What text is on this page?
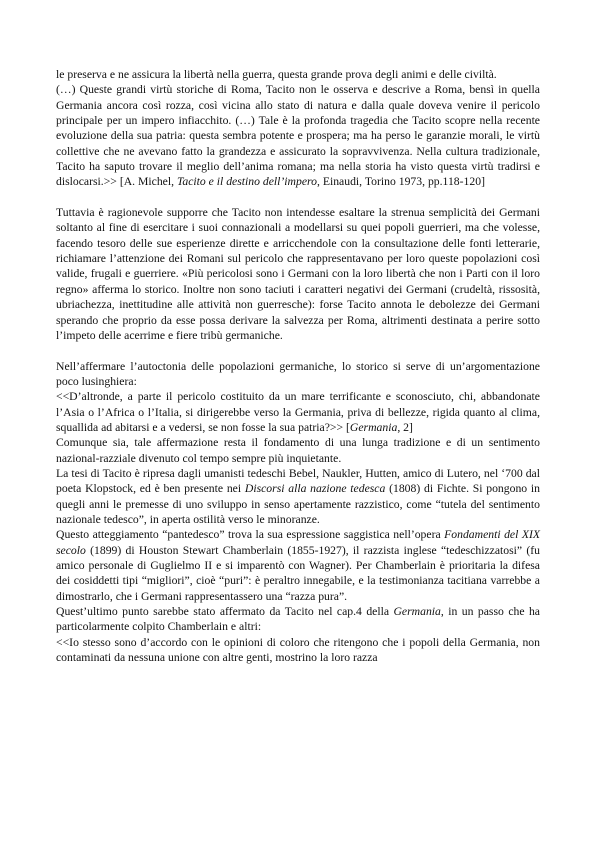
le preserva e ne assicura la libertà nella guerra, questa grande prova degli animi e delle civiltà.

(…) Queste grandi virtù storiche di Roma, Tacito non le osserva e descrive a Roma, bensì in quella Germania ancora così rozza, così vicina allo stato di natura e dalla quale doveva venire il pericolo principale per un impero infiacchito. (…) Tale è la profonda tragedia che Tacito scopre nella recente evoluzione della sua patria: questa sembra potente e prospera; ma ha perso le garanzie morali, le virtù collettive che ne avevano fatto la grandezza e assicurato la sopravvivenza. Nella cultura tradizionale, Tacito ha saputo trovare il meglio dell’anima romana; ma nella storia ha visto questa virtù tradirsi e dislocarsi.>> [A. Michel, Tacito e il destino dell’impero, Einaudi, Torino 1973, pp.118-120]

Tuttavia è ragionevole supporre che Tacito non intendesse esaltare la strenua semplicità dei Germani soltanto al fine di esercitare i suoi connazionali a modellarsi su quei popoli guerrieri, ma che volesse, facendo tesoro delle sue esperienze dirette e arricchendole con la consultazione delle fonti letterarie, richiamare l’attenzione dei Romani sul pericolo che rappresentavano per loro queste popolazioni così valide, frugali e guerriere. «Più pericolosi sono i Germani con la loro libertà che non i Parti con il loro regno» afferma lo storico. Inoltre non sono taciuti i caratteri negativi dei Germani (crudeltà, rissosità, ubriachezza, inettitudine alle attività non guerresche): forse Tacito annota le debolezze dei Germani sperando che proprio da esse possa derivare la salvezza per Roma, altrimenti destinata a perire sotto l’impeto delle acerrime e fiere tribù germaniche.

Nell’affermare l’autoctonia delle popolazioni germaniche, lo storico si serve di un’argomentazione poco lusinghiera:

<<D’altronde, a parte il pericolo costituito da un mare terrificante e sconosciuto, chi, abbandonate l’Asia o l’Africa o l’Italia, si dirigerebbe verso la Germania, priva di bellezze, rigida quanto al clima, squallida ad abitarsi e a vedersi, se non fosse la sua patria?>> [Germania, 2]

Comunque sia, tale affermazione resta il fondamento di una lunga tradizione e di un sentimento nazional-razziale divenuto col tempo sempre più inquietante.

La tesi di Tacito è ripresa dagli umanisti tedeschi Bebel, Naukler, Hutten, amico di Lutero, nel ‘700 dal poeta Klopstock, ed è ben presente nei Discorsi alla nazione tedesca (1808) di Fichte. Si pongono in quegli anni le premesse di uno sviluppo in senso apertamente razzistico, come “tutela del sentimento nazionale tedesco”, in aperta ostilità verso le minoranze.

Questo atteggiamento “pantedesco” trova la sua espressione saggistica nell’opera Fondamenti del XIX secolo (1899) di Houston Stewart Chamberlain (1855-1927), il razzista inglese “tedeschizzatosi” (fu amico personale di Guglielmo II e si imparentò con Wagner). Per Chamberlain è prioritaria la difesa dei cosiddetti tipi “migliori”, cioè “puri”: è peraltro innegabile, e la testimonianza tacitiana varrebbe a dimostrarlo, che i Germani rappresentassero una “razza pura”.

Quest’ultimo punto sarebbe stato affermato da Tacito nel cap.4 della Germania, in un passo che ha particolarmente colpito Chamberlain e altri:

<<Io stesso sono d’accordo con le opinioni di coloro che ritengono che i popoli della Germania, non contaminati da nessuna unione con altre genti, mostrino la loro razza
